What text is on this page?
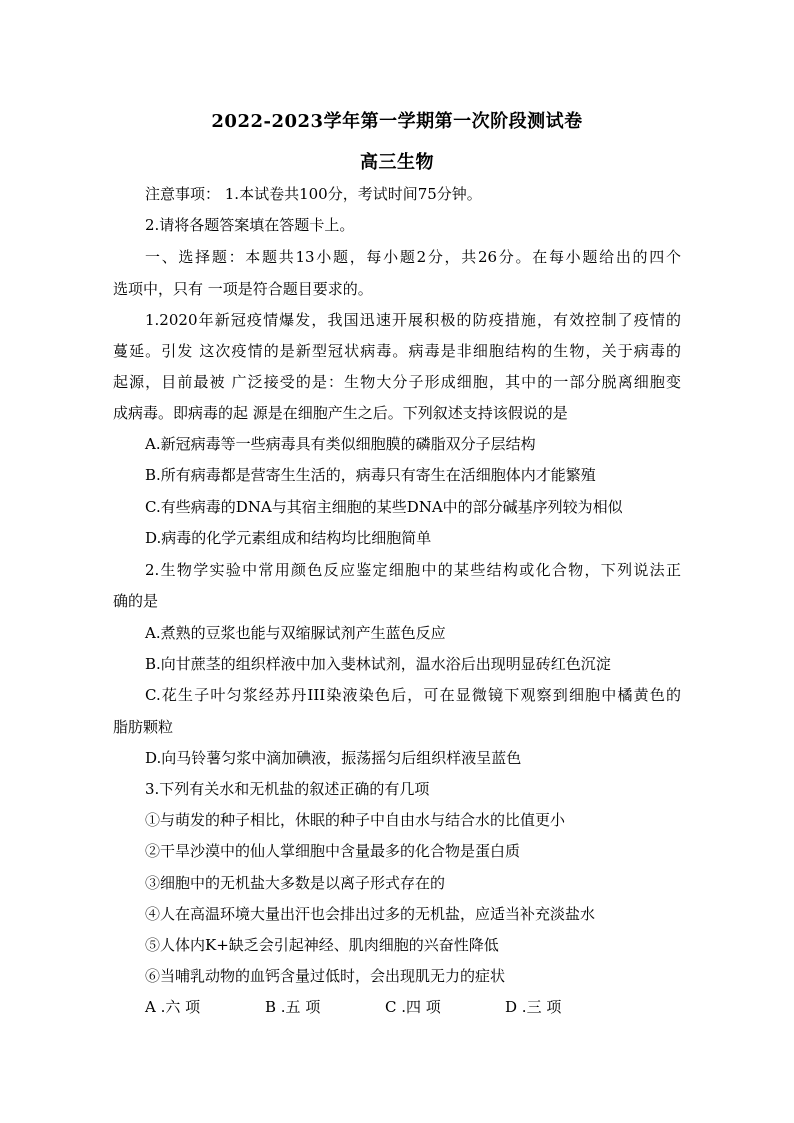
2022-2023学年第一学期第一次阶段测试卷
高三生物
注意事项： 1.本试卷共100分，考试时间75分钟。
2.请将各题答案填在答题卡上。
一、选择题：本题共13小题，每小题2分，共26分。在每小题给出的四个
选项中，只有 一项是符合题目要求的。
1.2020年新冠疫情爆发，我国迅速开展积极的防疫措施，有效控制了疫情的
蔓延。引发 这次疫情的是新型冠状病毒。病毒是非细胞结构的生物，关于病毒的
起源，目前最被 广泛接受的是：生物大分子形成细胞，其中的一部分脱离细胞变
成病毒。即病毒的起 源是在细胞产生之后。下列叙述支持该假说的是
A.新冠病毒等一些病毒具有类似细胞膜的磷脂双分子层结构
B.所有病毒都是营寄生生活的，病毒只有寄生在活细胞体内才能繁殖
C.有些病毒的DNA与其宿主细胞的某些DNA中的部分碱基序列较为相似
D.病毒的化学元素组成和结构均比细胞简单
2.生物学实验中常用颜色反应鉴定细胞中的某些结构或化合物，下列说法正
确的是
A.煮熟的豆浆也能与双缩脲试剂产生蓝色反应
B.向甘蔗茎的组织样液中加入斐林试剂，温水浴后出现明显砖红色沉淀
C.花生子叶匀浆经苏丹III染液染色后，可在显微镜下观察到细胞中橘黄色的
脂肪颗粒
D.向马铃薯匀浆中滴加碘液，振荡摇匀后组织样液呈蓝色
3.下列有关水和无机盐的叙述正确的有几项
①与萌发的种子相比，休眠的种子中自由水与结合水的比值更小
②干旱沙漠中的仙人掌细胞中含量最多的化合物是蛋白质
③细胞中的无机盐大多数是以离子形式存在的
④人在高温环境大量出汗也会排出过多的无机盐，应适当补充淡盐水
⑤人体内K+缺乏会引起神经、肌肉细胞的兴奋性降低
⑥当哺乳动物的血钙含量过低时，会出现肌无力的症状
A .六 项	B .五 项	C .四 项	D .三 项
